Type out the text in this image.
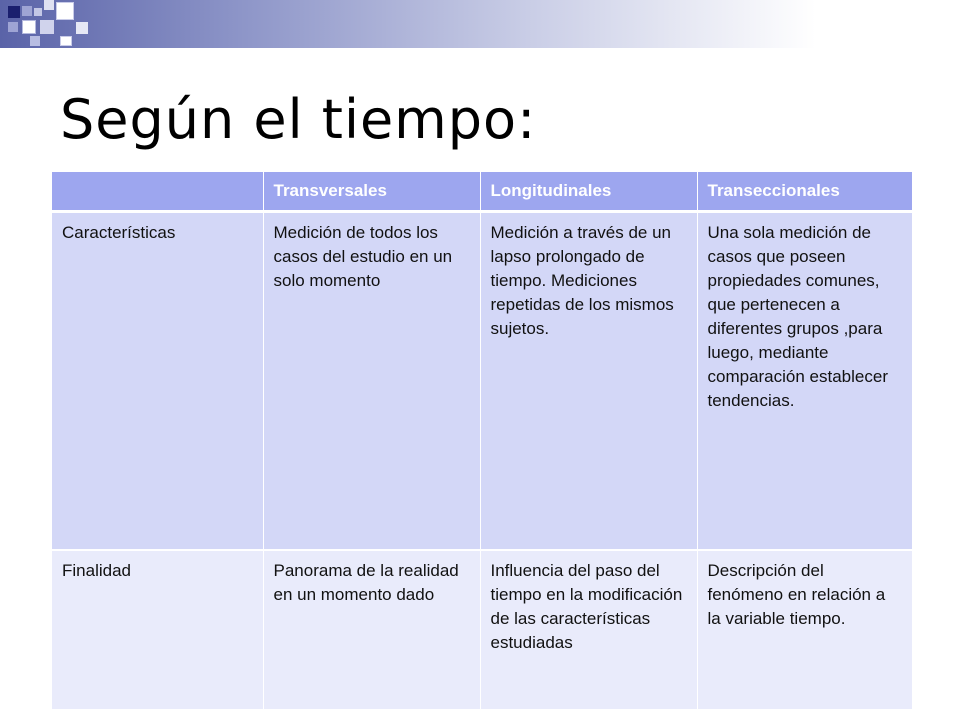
Según el tiempo:
	Transversales	Longitudinales	Transeccionales
Características	Medición de todos los casos del estudio en un solo momento	Medición a través de un lapso prolongado de tiempo. Mediciones repetidas de los mismos sujetos.	Una sola medición de casos que poseen propiedades comunes, que pertenecen a diferentes grupos ,para luego, mediante comparación establecer tendencias.
Finalidad	Panorama de la realidad en un momento dado	Influencia del paso del tiempo en la modificación de las características estudiadas	Descripción del fenómeno en relación a la variable tiempo.
